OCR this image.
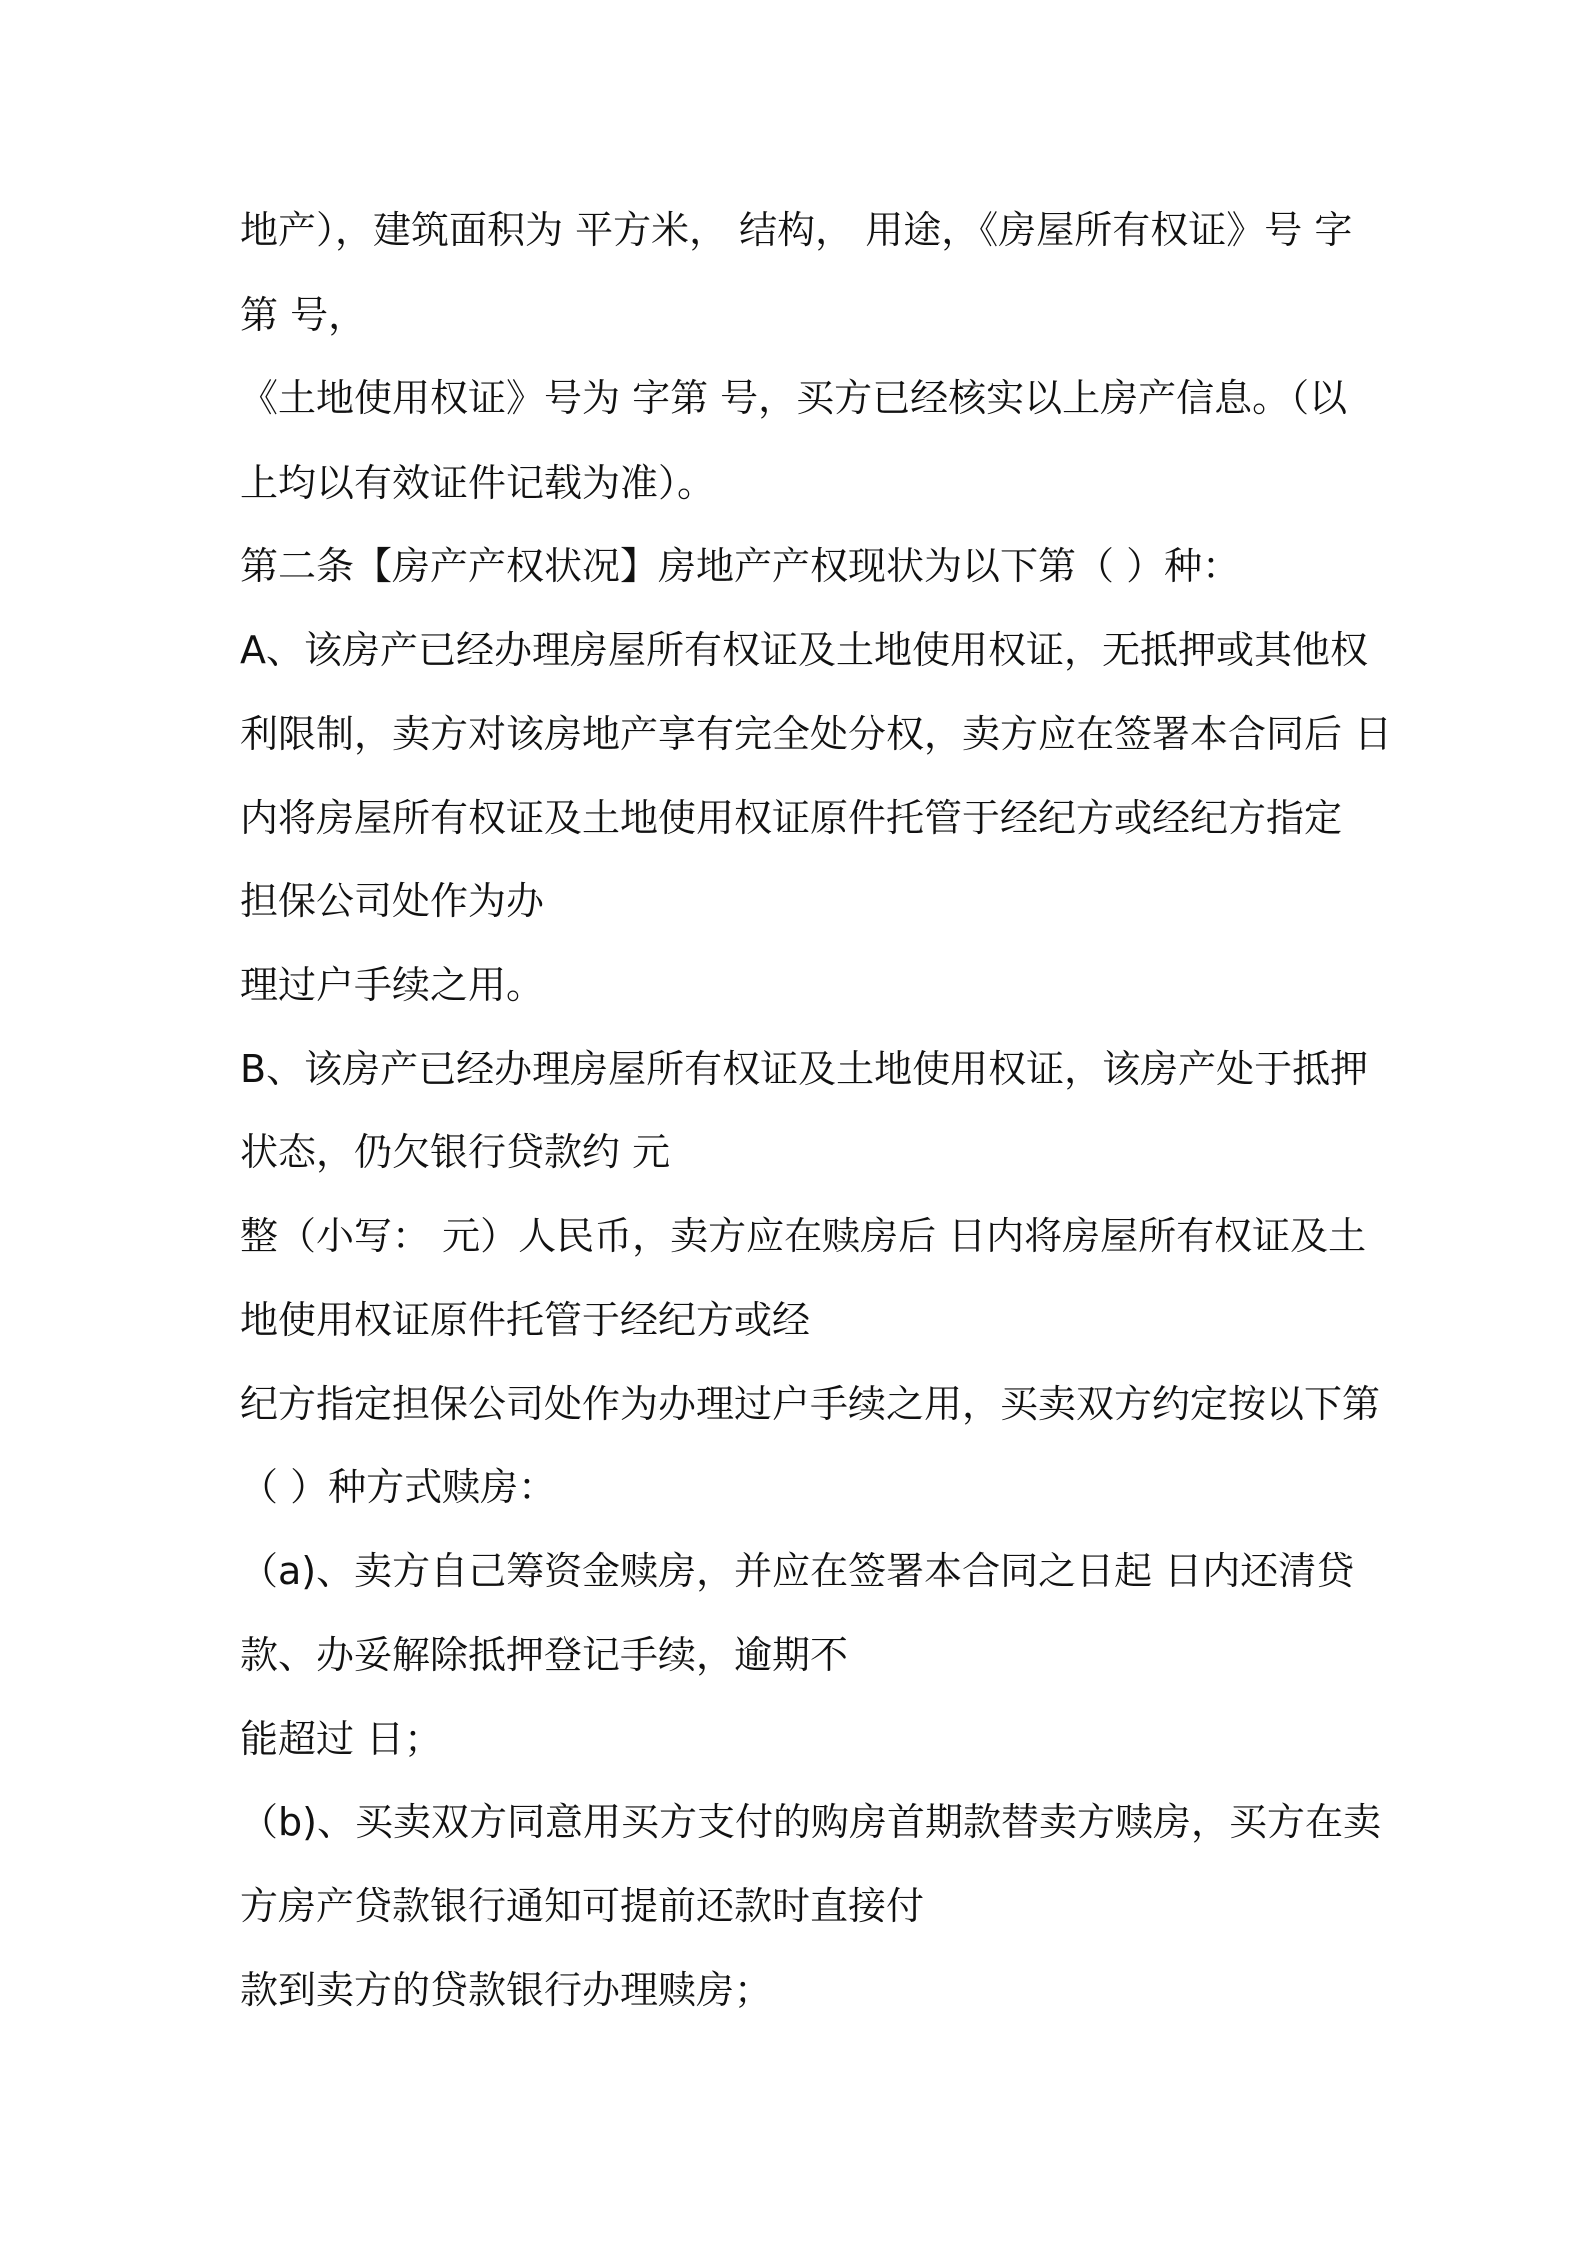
地产），建筑面积为 平方米， 结构， 用途，《房屋所有权证》号 字
第 号，
《土地使用权证》号为 字第 号，买方已经核实以上房产信息。（以
上均以有效证件记载为准）。
第二条【房产产权状况】房地产产权现状为以下第（ ）种：
A、该房产已经办理房屋所有权证及土地使用权证，无抵押或其他权
利限制，卖方对该房地产享有完全处分权，卖方应在签署本合同后 日
内将房屋所有权证及土地使用权证原件托管于经纪方或经纪方指定
担保公司处作为办
理过户手续之用。
B、该房产已经办理房屋所有权证及土地使用权证，该房产处于抵押
状态，仍欠银行贷款约 元
整（小写： 元）人民币，卖方应在赎房后 日内将房屋所有权证及土
地使用权证原件托管于经纪方或经
纪方指定担保公司处作为办理过户手续之用，买卖双方约定按以下第
（ ）种方式赎房：
（a)、卖方自己筹资金赎房，并应在签署本合同之日起 日内还清贷
款、办妥解除抵押登记手续，逾期不
能超过 日；
（b)、买卖双方同意用买方支付的购房首期款替卖方赎房，买方在卖
方房产贷款银行通知可提前还款时直接付
款到卖方的贷款银行办理赎房；
